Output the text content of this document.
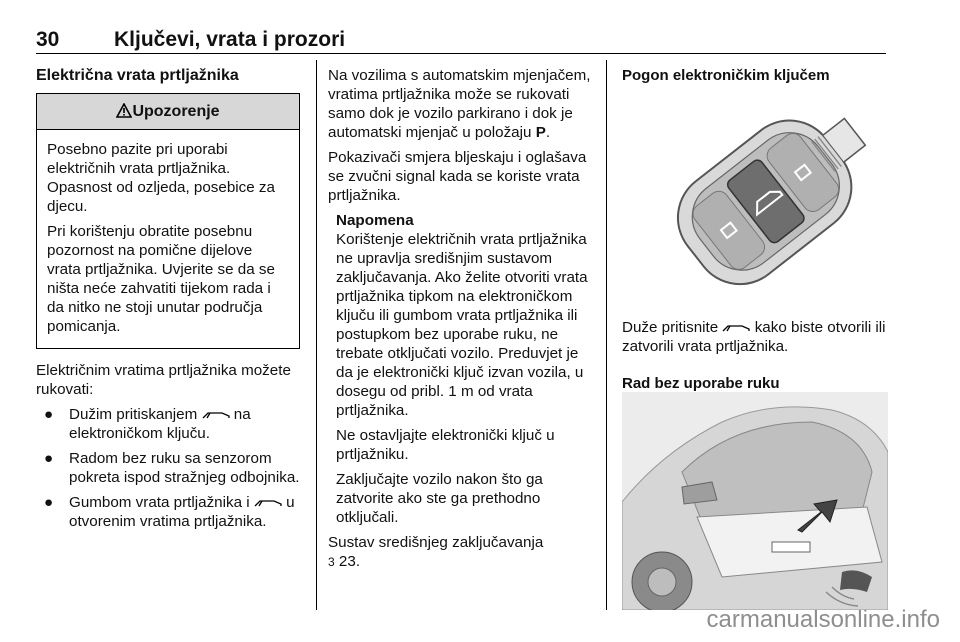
30	Ključevi, vrata i prozori
Električna vrata prtljažnika
Upozorenje

Posebno pazite pri uporabi električnih vrata prtljažnika. Opasnost od ozljeda, posebice za djecu.

Pri korištenju obratite posebnu pozornost na pomične dijelove vrata prtljažnika. Uvjerite se da se ništa neće zahvatiti tijekom rada i da nitko ne stoji unutar područja pomicanja.

Električnim vratima prtljažnika možete rukovati:

● Dužim pritiskanjem na elektroničkom ključu.
● Radom bez ruku sa senzorom pokreta ispod stražnjeg odbojnika.
● Gumbom vrata prtljažnika i u otvorenim vratima prtljažnika.

Na vozilima s automatskim mjenjačem, vratima prtljažnika može se rukovati samo dok je vozilo parkirano i dok je automatski mjenjač u položaju P.

Pokazivači smjera bljeskaju i oglašava se zvučni signal kada se koriste vrata prtljažnika.

Napomena

Korištenje električnih vrata prtljažnika ne upravlja središnjim sustavom zaključavanja. Ako želite otvoriti vrata prtljažnika tipkom na elektroničkom ključu ili gumbom vrata prtljažnika ili postupkom bez uporabe ruku, ne trebate otključati vozilo. Preduvjet je da je elektronički ključ izvan vozila, u dosegu od pribl. 1 m od vrata prtljažnika.

Ne ostavljajte elektronički ključ u prtljažniku.

Zaključajte vozilo nakon što ga zatvorite ako ste ga prethodno otključali.

Sustav središnjeg zaključavanja
3 23.

Pogon elektroničkim ključem

Duže pritisnite kako biste otvorili ili zatvorili vrata prtljažnika.

Rad bez uporabe ruku
carmanualsonline.info
